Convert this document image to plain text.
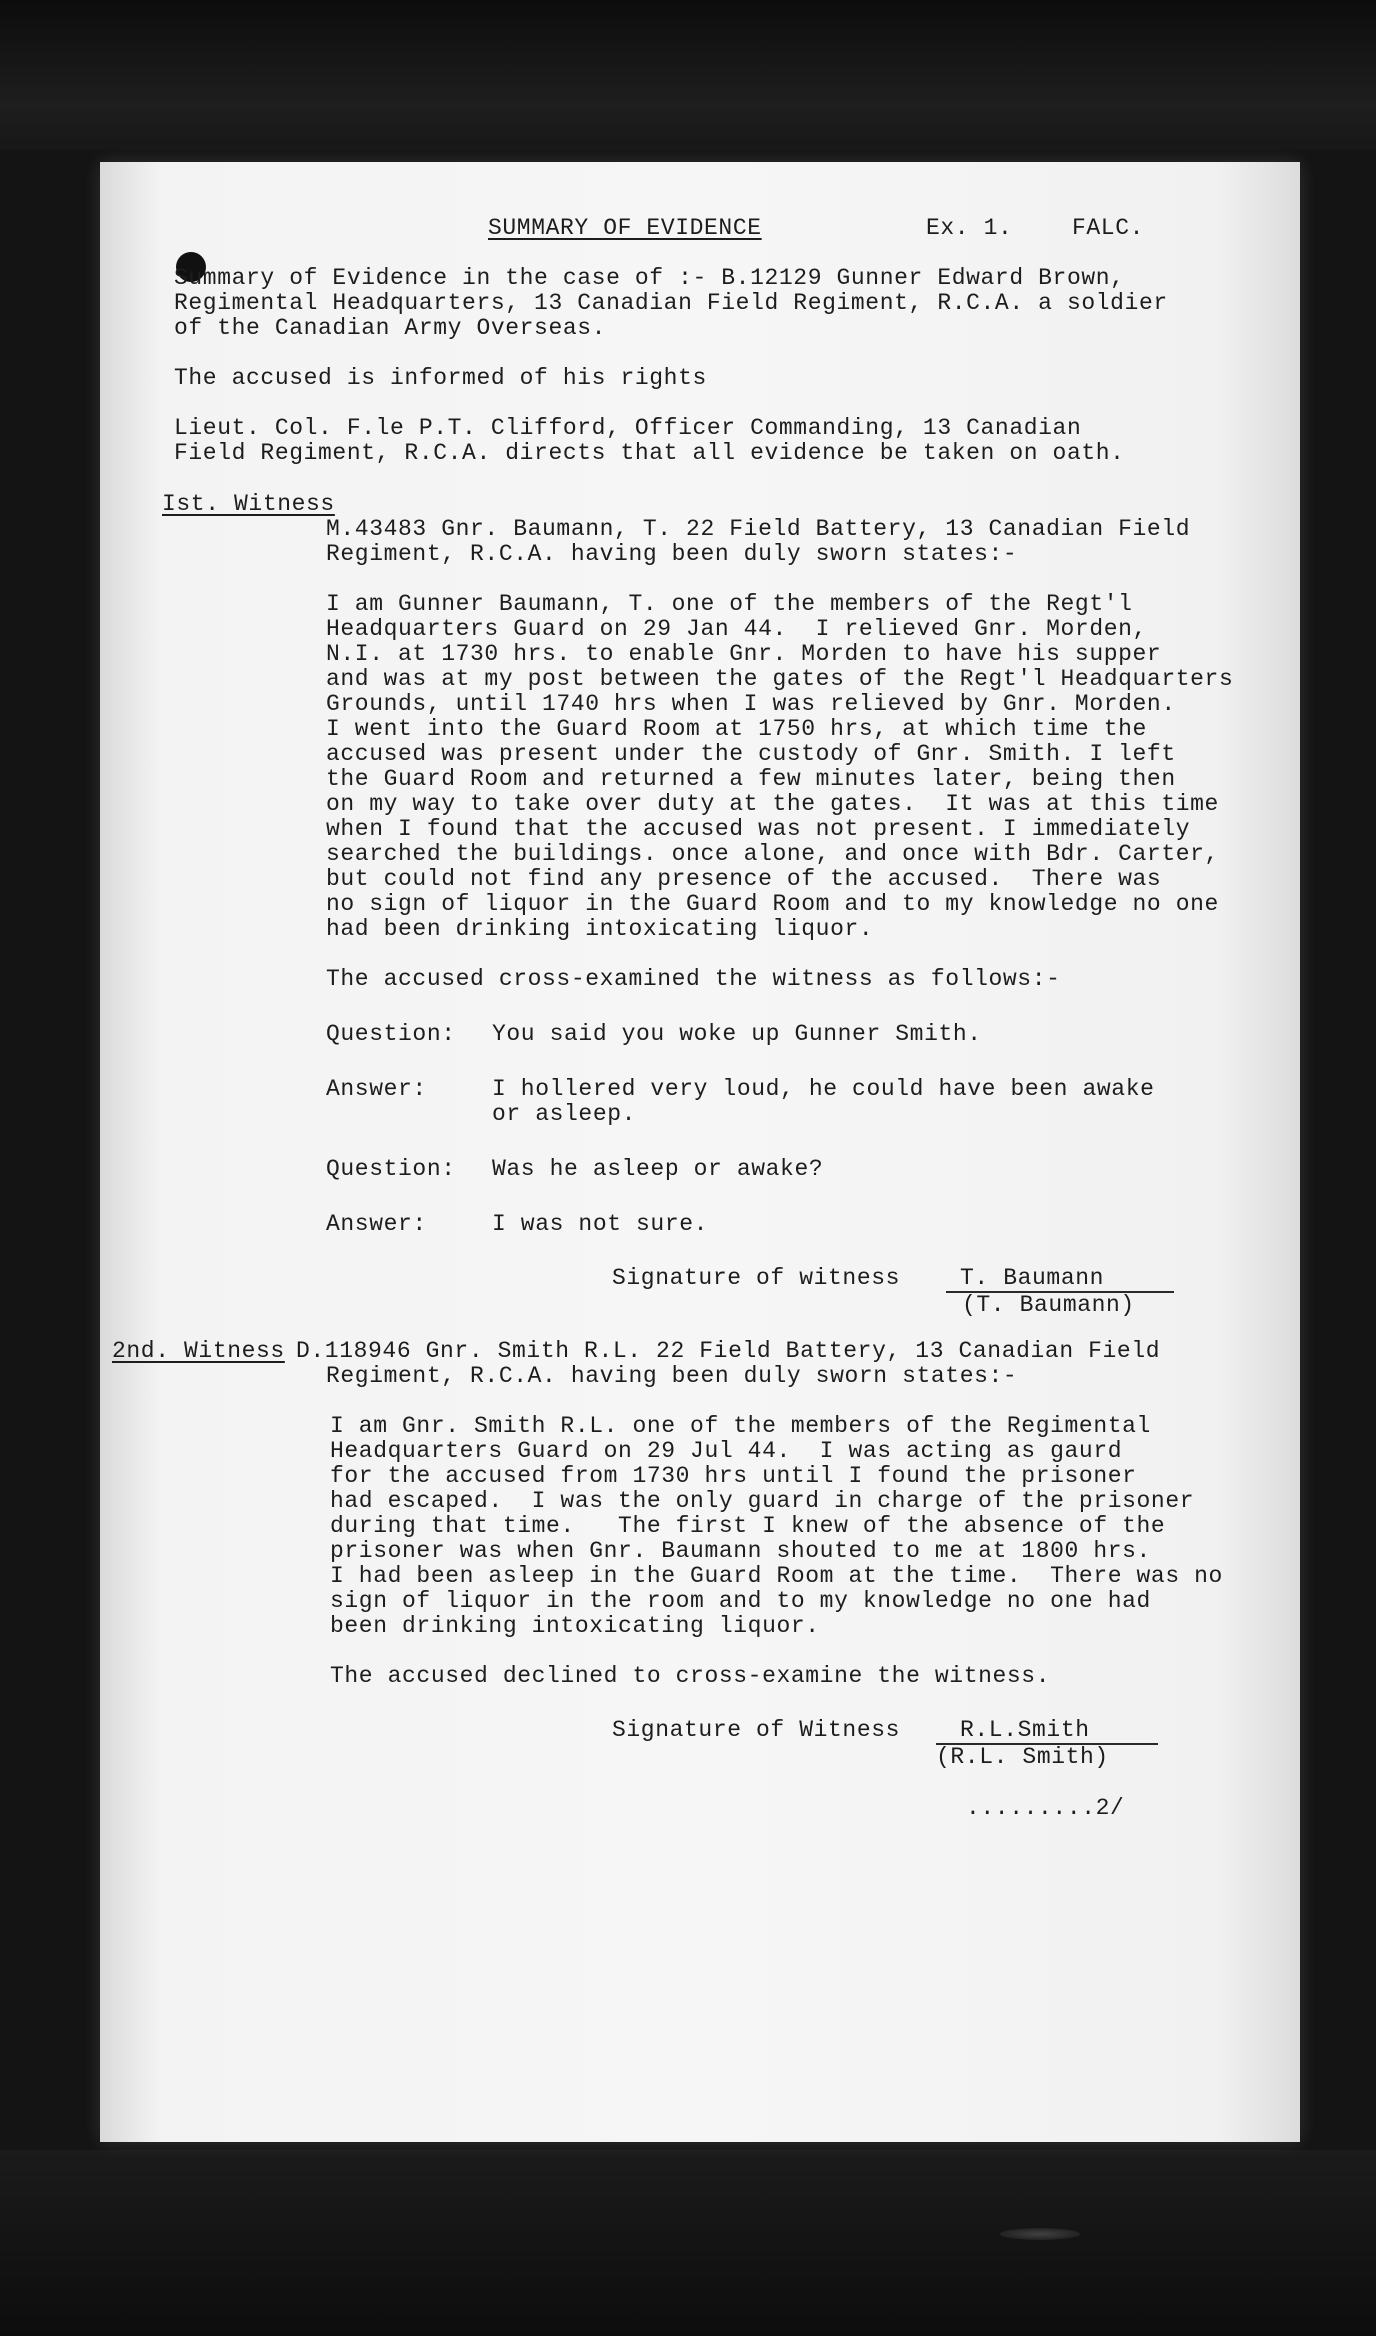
SUMMARY OF EVIDENCE	Ex. 1.	FALC.
Summary of Evidence in the case of :- B.12129 Gunner Edward Brown,
Regimental Headquarters, 13 Canadian Field Regiment, R.C.A. a soldier
of the Canadian Army Overseas.
The accused is informed of his rights
Lieut. Col. F.le P.T. Clifford, Officer Commanding, 13 Canadian
Field Regiment, R.C.A. directs that all evidence be taken on oath.
Ist. Witness
M.43483 Gnr. Baumann, T. 22 Field Battery, 13 Canadian Field
Regiment, R.C.A. having been duly sworn states:-
I am Gunner Baumann, T. one of the members of the Regt'l
Headquarters Guard on 29 Jan 44.  I relieved Gnr. Morden,
N.I. at 1730 hrs. to enable Gnr. Morden to have his supper
and was at my post between the gates of the Regt'l Headquarters
Grounds, until 1740 hrs when I was relieved by Gnr. Morden.
I went into the Guard Room at 1750 hrs, at which time the
accused was present under the custody of Gnr. Smith. I left
the Guard Room and returned a few minutes later, being then
on my way to take over duty at the gates.  It was at this time
when I found that the accused was not present. I immediately
searched the buildings. once alone, and once with Bdr. Carter,
but could not find any presence of the accused.  There was
no sign of liquor in the Guard Room and to my knowledge no one
had been drinking intoxicating liquor.
The accused cross-examined the witness as follows:-
Question: You said you woke up Gunner Smith.
Answer:	I hollered very loud, he could have been awake
or asleep.
Question: Was he asleep or awake?
Answer:	I was not sure.
Signature of witness	T. Baumann
(T. Baumann)
2nd. Witness D.118946 Gnr. Smith R.L. 22 Field Battery, 13 Canadian Field
Regiment, R.C.A. having been duly sworn states:-
I am Gnr. Smith R.L. one of the members of the Regimental
Headquarters Guard on 29 Jul 44.  I was acting as gaurd
for the accused from 1730 hrs until I found the prisoner
had escaped.  I was the only guard in charge of the prisoner
during that time.   The first I knew of the absence of the
prisoner was when Gnr. Baumann shouted to me at 1800 hrs.
I had been asleep in the Guard Room at the time.  There was no
sign of liquor in the room and to my knowledge no one had
been drinking intoxicating liquor.
The accused declined to cross-examine the witness.
Signature of Witness	R.L.Smith
(R.L. Smith)
.........2/
